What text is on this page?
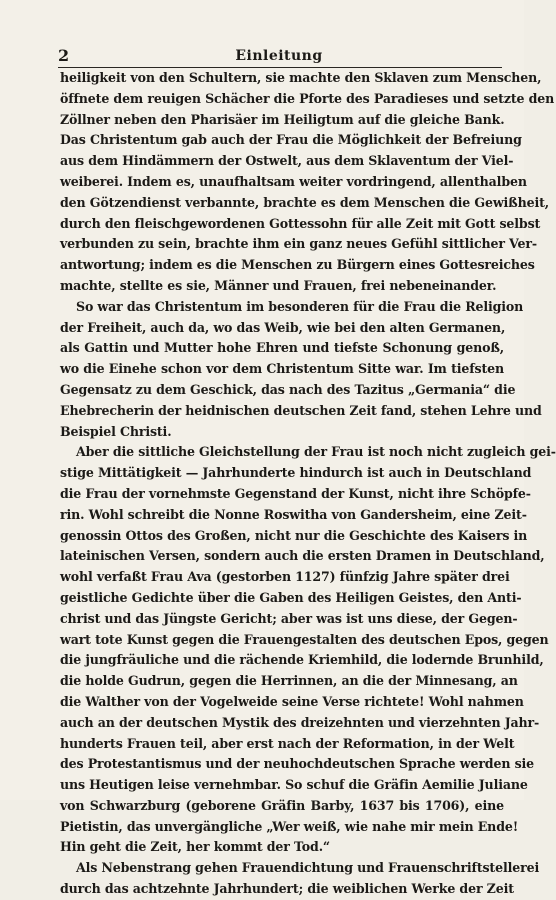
2	Einleitung
heiligkeit von den Schultern, sie machte den Sklaven zum Menschen,
öffnete dem reuigen Schächer die Pforte des Paradieses und setzte den
Zöllner neben den Pharisäer im Heiligtum auf die gleiche Bank.
Das Christentum gab auch der Frau die Möglichkeit der Befreiung
aus dem Hindämmern der Ostwelt, aus dem Sklaventum der Viel-
weiberei. Indem es, unaufhaltsam weiter vordringend, allenthalben
den Götzendienst verbannte, brachte es dem Menschen die Gewißheit,
durch den fleischgewordenen Gottessohn für alle Zeit mit Gott selbst
verbunden zu sein, brachte ihm ein ganz neues Gefühl sittlicher Ver-
antwortung; indem es die Menschen zu Bürgern eines Gottesreiches
machte, stellte es sie, Männer und Frauen, frei nebeneinander.
So war das Christentum im besonderen für die Frau die Religion
der Freiheit, auch da, wo das Weib, wie bei den alten Germanen,
als Gattin und Mutter hohe Ehren und tiefste Schonung genoß,
wo die Einehe schon vor dem Christentum Sitte war. Im tiefsten
Gegensatz zu dem Geschick, das nach des Tazitus „Germania“ die
Ehebrecherin der heidnischen deutschen Zeit fand, stehen Lehre und
Beispiel Christi.
Aber die sittliche Gleichstellung der Frau ist noch nicht zugleich gei-
stige Mittätigkeit — Jahrhunderte hindurch ist auch in Deutschland
die Frau der vornehmste Gegenstand der Kunst, nicht ihre Schöpfe-
rin. Wohl schreibt die Nonne Roswitha von Gandersheim, eine Zeit-
genossin Ottos des Großen, nicht nur die Geschichte des Kaisers in
lateinischen Versen, sondern auch die ersten Dramen in Deutschland,
wohl verfaßt Frau Ava (gestorben 1127) fünfzig Jahre später drei
geistliche Gedichte über die Gaben des Heiligen Geistes, den Anti-
christ und das Jüngste Gericht; aber was ist uns diese, der Gegen-
wart tote Kunst gegen die Frauengestalten des deutschen Epos, gegen
die jungfräuliche und die rächende Kriemhild, die lodernde Brunhild,
die holde Gudrun, gegen die Herrinnen, an die der Minnesang, an
die Walther von der Vogelweide seine Verse richtete! Wohl nahmen
auch an der deutschen Mystik des dreizehnten und vierzehnten Jahr-
hunderts Frauen teil, aber erst nach der Reformation, in der Welt
des Protestantismus und der neuhochdeutschen Sprache werden sie
uns Heutigen leise vernehmbar. So schuf die Gräfin Aemilie Juliane
von Schwarzburg (geborene Gräfin Barby, 1637 bis 1706), eine
Pietistin, das unvergängliche „Wer weiß, wie nahe mir mein Ende!
Hin geht die Zeit, her kommt der Tod.“
Als Nebenstrang gehen Frauendichtung und Frauenschriftstellerei
durch das achtzehnte Jahrhundert; die weiblichen Werke der Zeit
